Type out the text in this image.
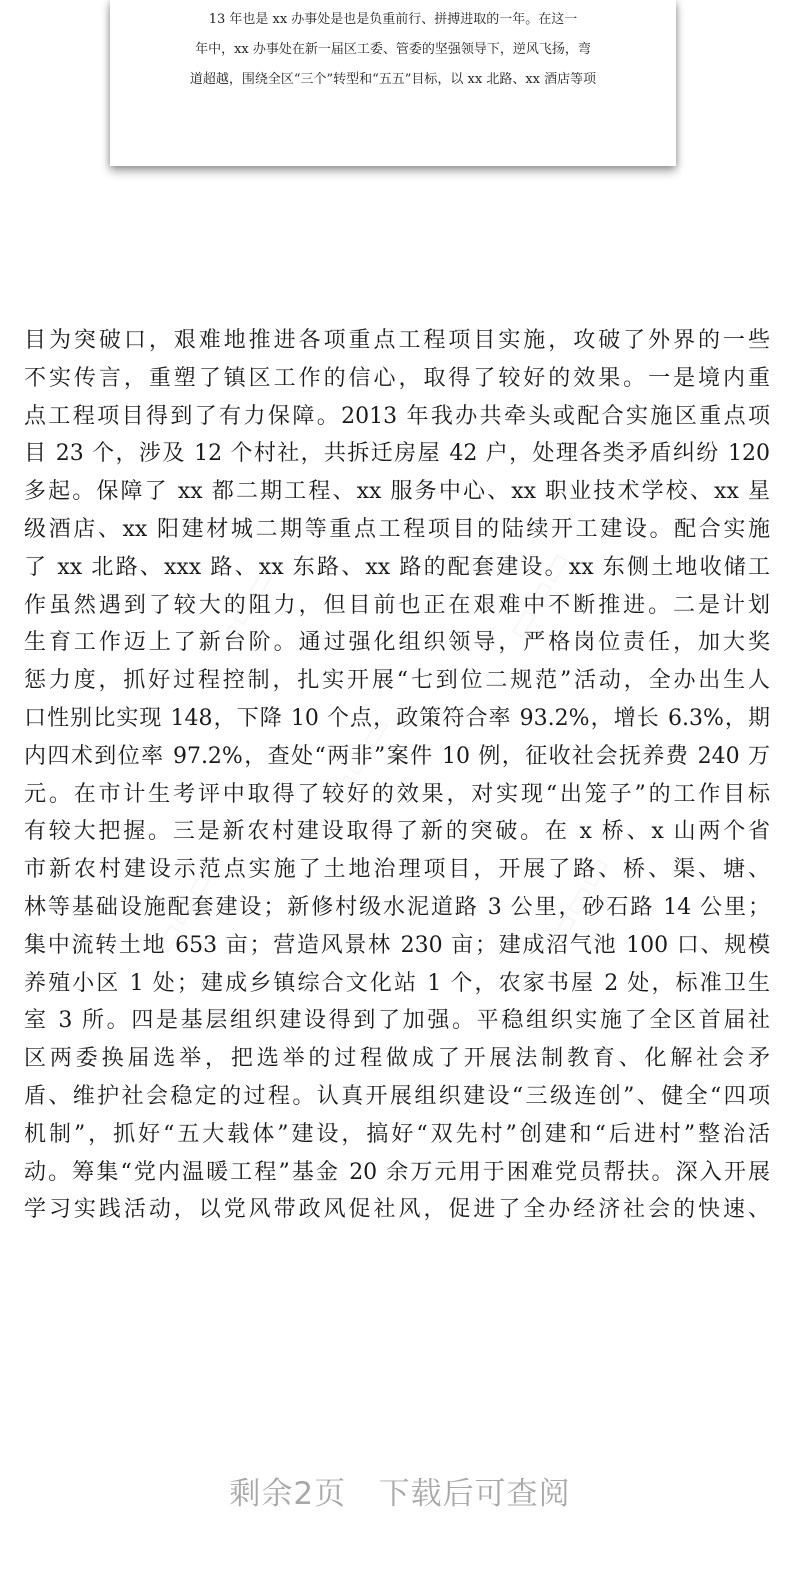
13 年也是 xx 办事处是也是负重前行、拼搏进取的一年。在这一
年中，xx 办事处在新一届区工委、管委的坚强领导下，逆风飞扬，弯
道超越，围绕全区“三个”转型和“五五”目标，以 xx 北路、xx 酒店等项
目为突破口，艰难地推进各项重点工程项目实施，攻破了外界的一些
不实传言，重塑了镇区工作的信心，取得了较好的效果。一是境内重
点工程项目得到了有力保障。2013 年我办共牵头或配合实施区重点项
目 23 个，涉及 12 个村社，共拆迁房屋 42 户，处理各类矛盾纠纷 120
多起。保障了 xx 都二期工程、xx 服务中心、xx 职业技术学校、xx 星
级酒店、xx 阳建材城二期等重点工程项目的陆续开工建设。配合实施
了 xx 北路、xxx 路、xx 东路、xx 路的配套建设。xx 东侧土地收储工
作虽然遇到了较大的阻力，但目前也正在艰难中不断推进。二是计划
生育工作迈上了新台阶。通过强化组织领导，严格岗位责任，加大奖
惩力度，抓好过程控制，扎实开展“七到位二规范”活动，全办出生人
口性别比实现 148，下降 10 个点，政策符合率 93.2%，增长 6.3%，期
内四术到位率 97.2%，查处“两非”案件 10 例，征收社会抚养费 240 万
元。在市计生考评中取得了较好的效果，对实现“出笼子”的工作目标
有较大把握。三是新农村建设取得了新的突破。在 x 桥、x 山两个省
市新农村建设示范点实施了土地治理项目，开展了路、桥、渠、塘、
林等基础设施配套建设；新修村级水泥道路 3 公里，砂石路 14 公里；
集中流转土地 653 亩；营造风景林 230 亩；建成沼气池 100 口、规模
养殖小区 1 处；建成乡镇综合文化站 1 个，农家书屋 2 处，标准卫生
室 3 所。四是基层组织建设得到了加强。平稳组织实施了全区首届社
区两委换届选举，把选举的过程做成了开展法制教育、化解社会矛
盾、维护社会稳定的过程。认真开展组织建设“三级连创”、健全“四项
机制”，抓好“五大载体”建设，搞好“双先村”创建和“后进村”整治活
动。筹集“党内温暖工程”基金 20 余万元用于困难党员帮扶。深入开展
学习实践活动，以党风带政风促社风，促进了全办经济社会的快速、
剩余2页   下载后可查阅
